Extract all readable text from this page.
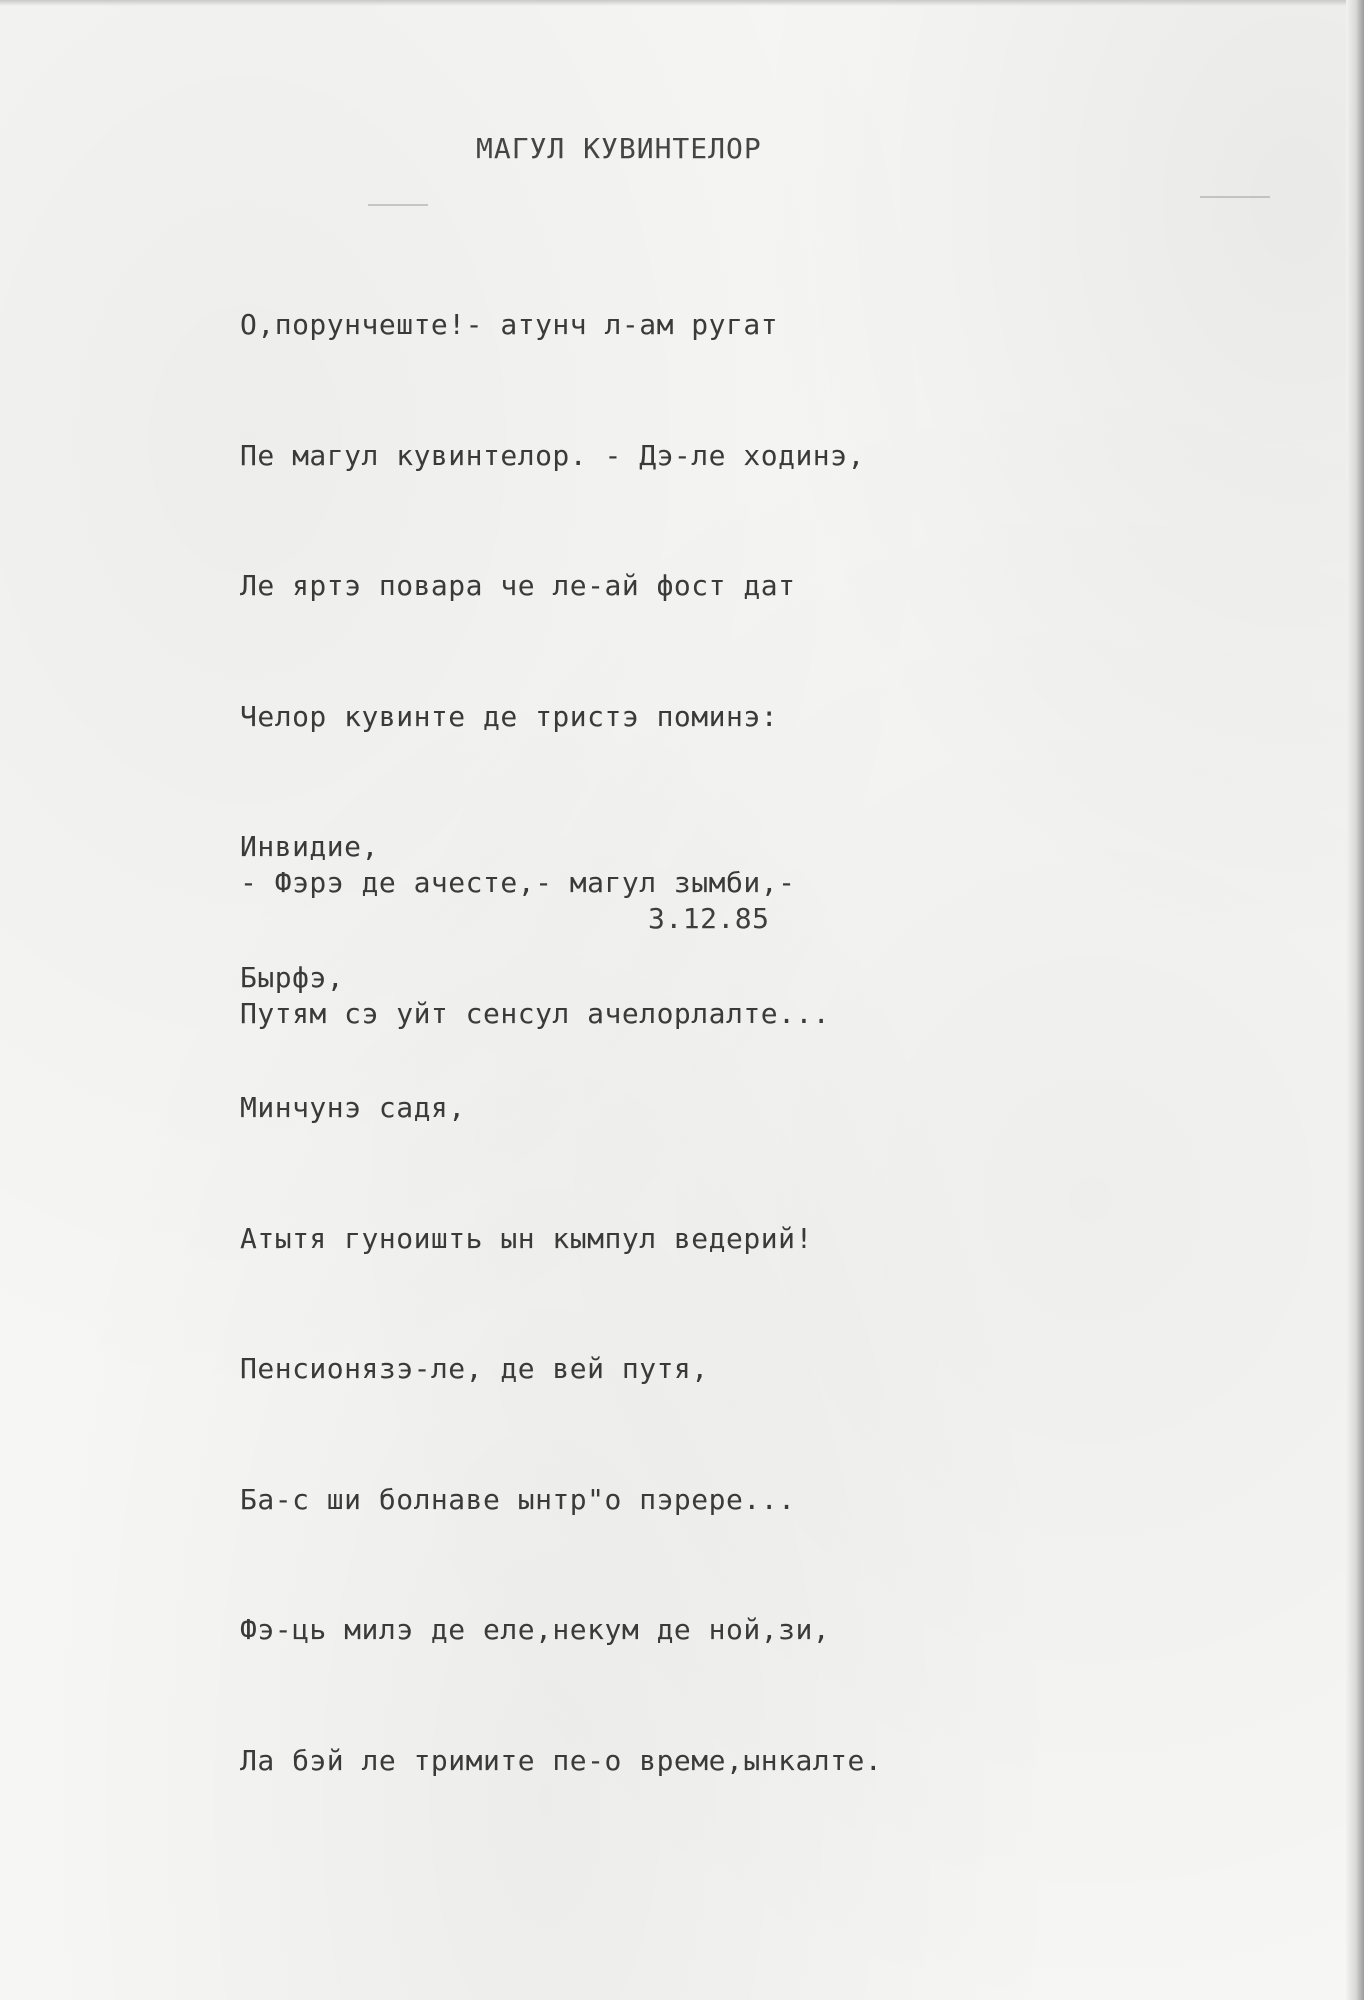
МАГУЛ КУВИНТЕЛОР

О,порунчеште!- атунч л-ам ругат

Пе магул кувинтелор. - Дэ-ле ходинэ,

Ле яртэ повара че ле-ай фост дат

Челор кувинте де тристэ поминэ:

Инвидие,

Бырфэ,

Минчунэ садя,

Атытя гуноишть ын кымпул ведерий!

Пенсионязэ-ле, де вей путя,

Ба-с ши болнаве ынтр"о пэрере...

Фэ-ць милэ де еле,некум де ной,зи,

Ла бэй ле тримите пе-о време,ынкалте.

- Фэрэ де ачесте,- магул зымби,-

Путям сэ уйт сенсул ачелорлалте...

3.12.85
